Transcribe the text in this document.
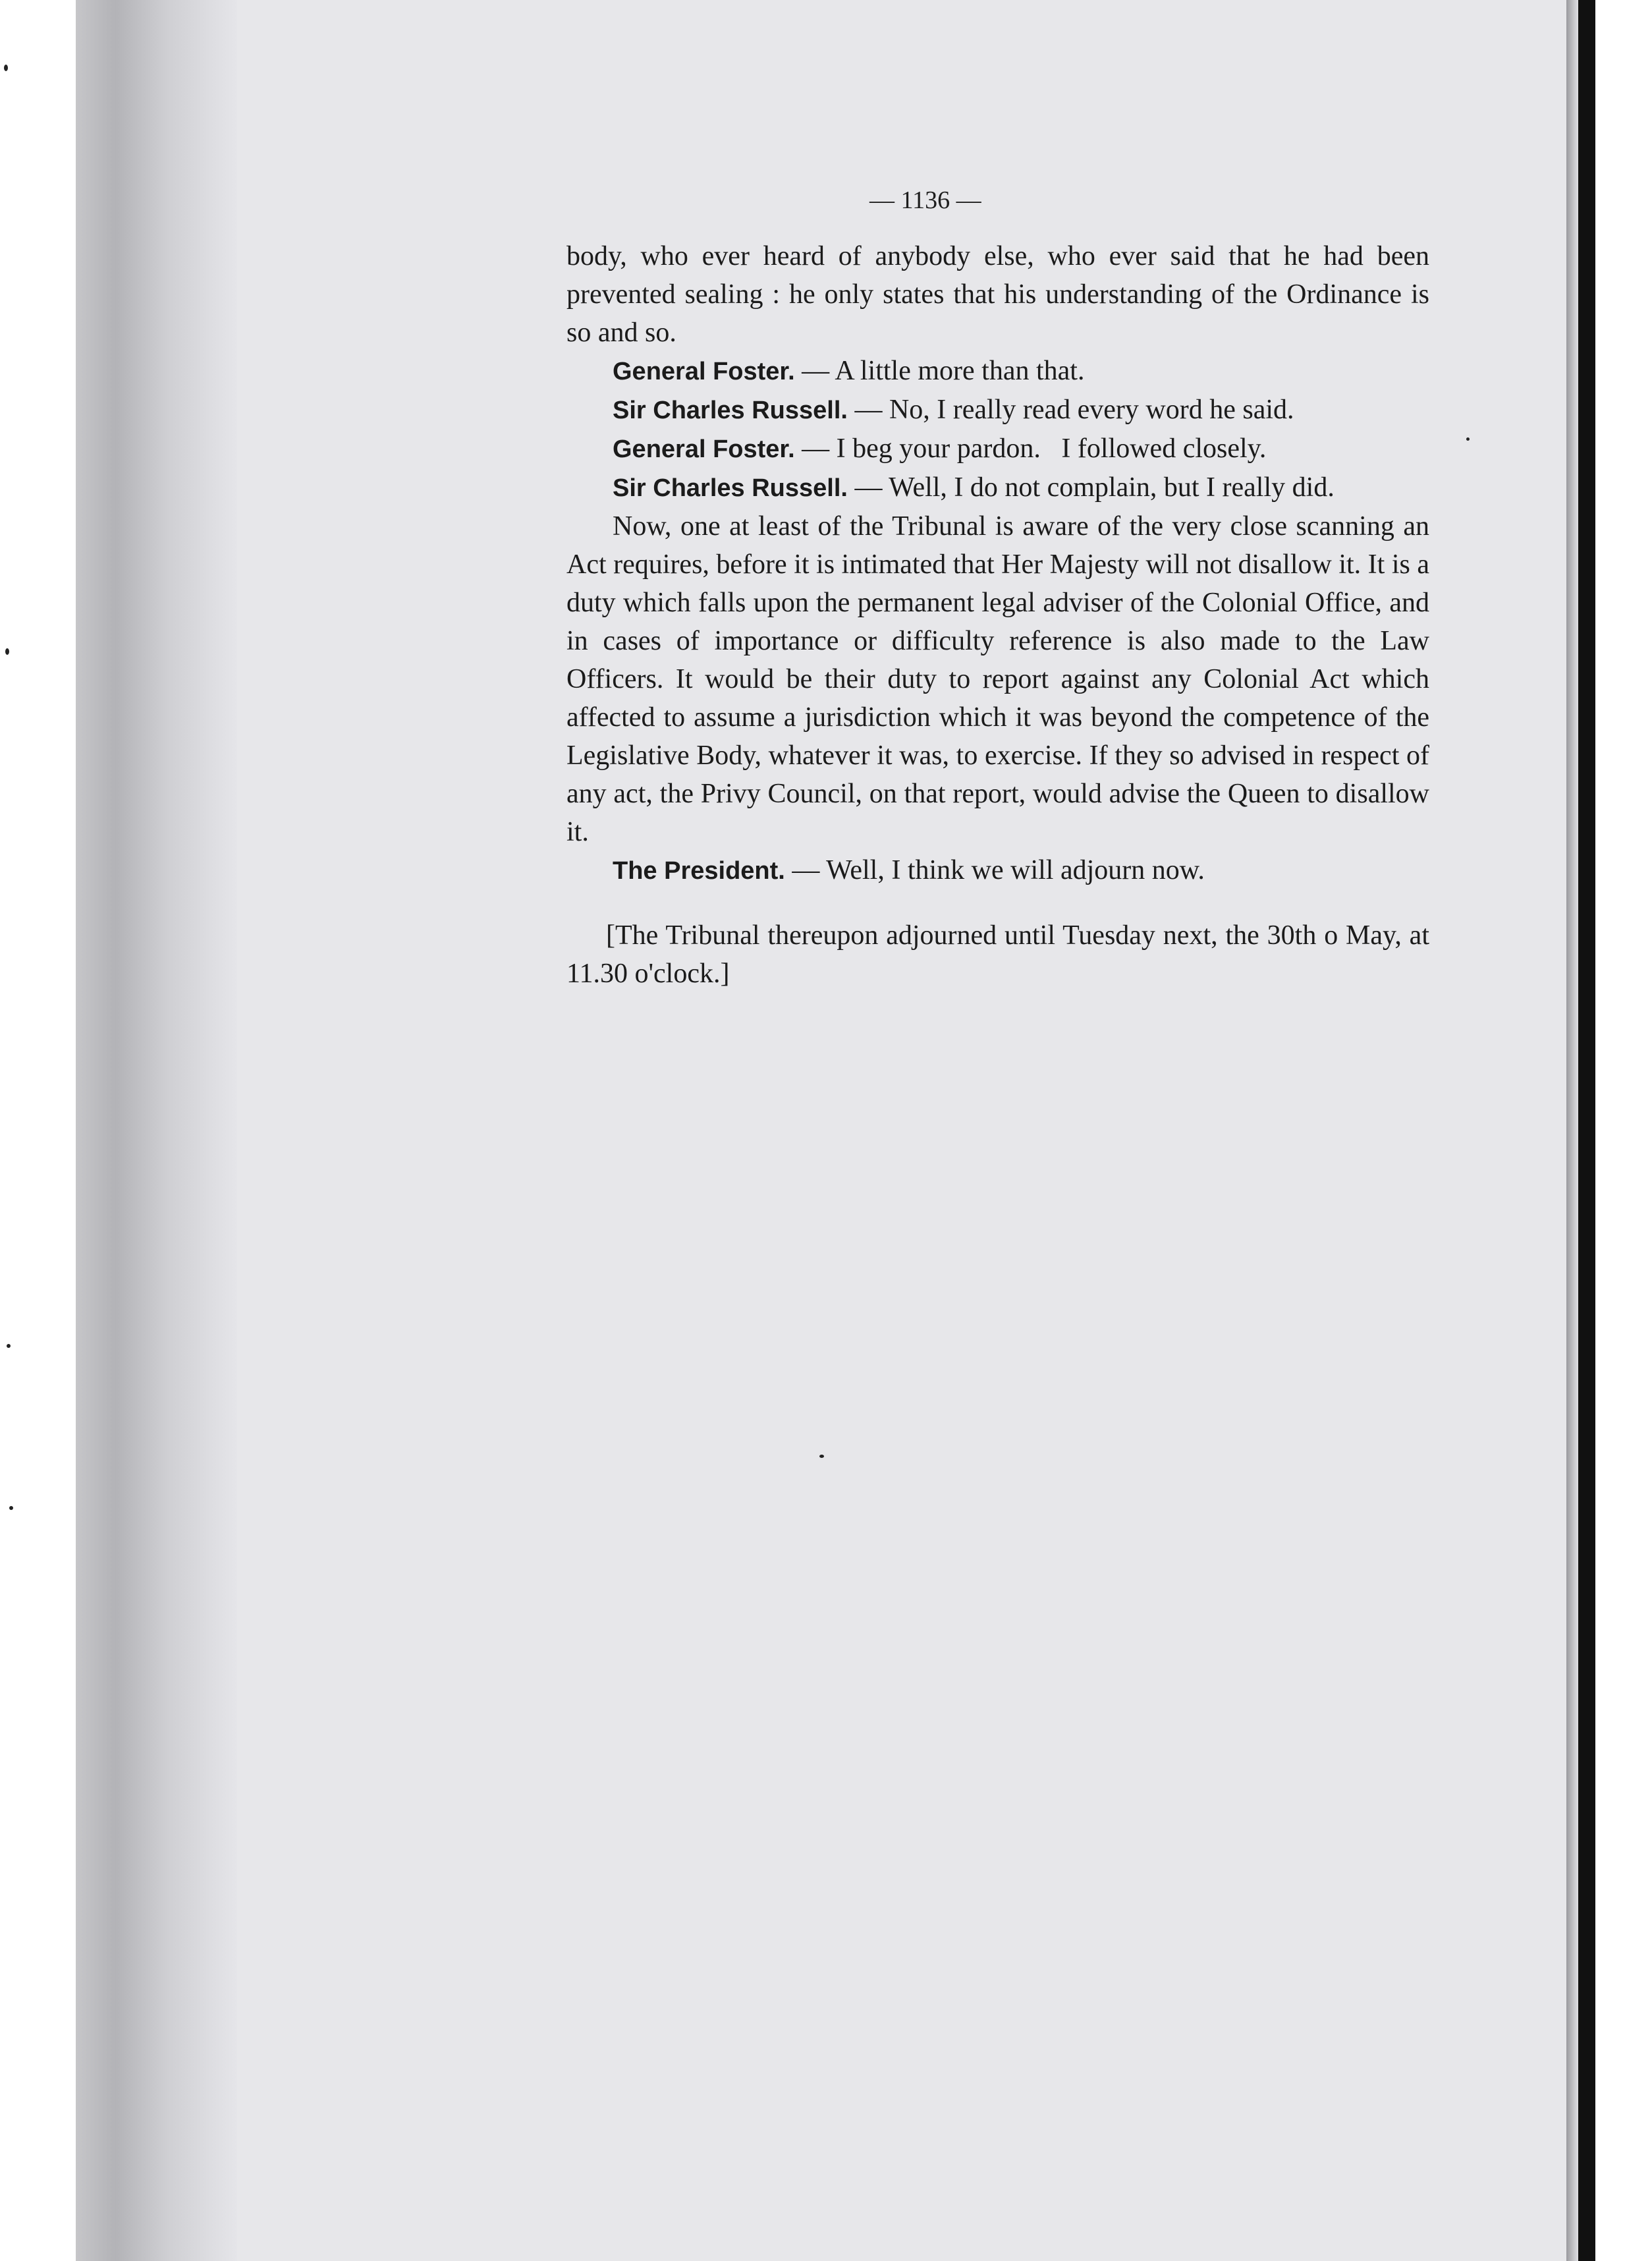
— 1136 —

body, who ever heard of anybody else, who ever said that he had been prevented sealing : he only states that his understanding of the Ordinance is so and so.

General Foster. — A little more than that.

Sir Charles Russell. — No, I really read every word he said.

General Foster. — I beg your pardon.   I followed closely.

Sir Charles Russell. — Well, I do not complain, but I really did.

Now, one at least of the Tribunal is aware of the very close scanning an Act requires, before it is intimated that Her Majesty will not disallow it. It is a duty which falls upon the permanent legal adviser of the Colonial Office, and in cases of importance or difficulty reference is also made to the Law Officers. It would be their duty to report against any Colonial Act which affected to assume a jurisdiction which it was beyond the competence of the Legislative Body, whatever it was, to exercise. If they so advised in respect of any act, the Privy Council, on that report, would advise the Queen to disallow it.

The President. — Well, I think we will adjourn now.

[The Tribunal thereupon adjourned until Tuesday next, the 30th o May, at 11.30 o'clock.]
